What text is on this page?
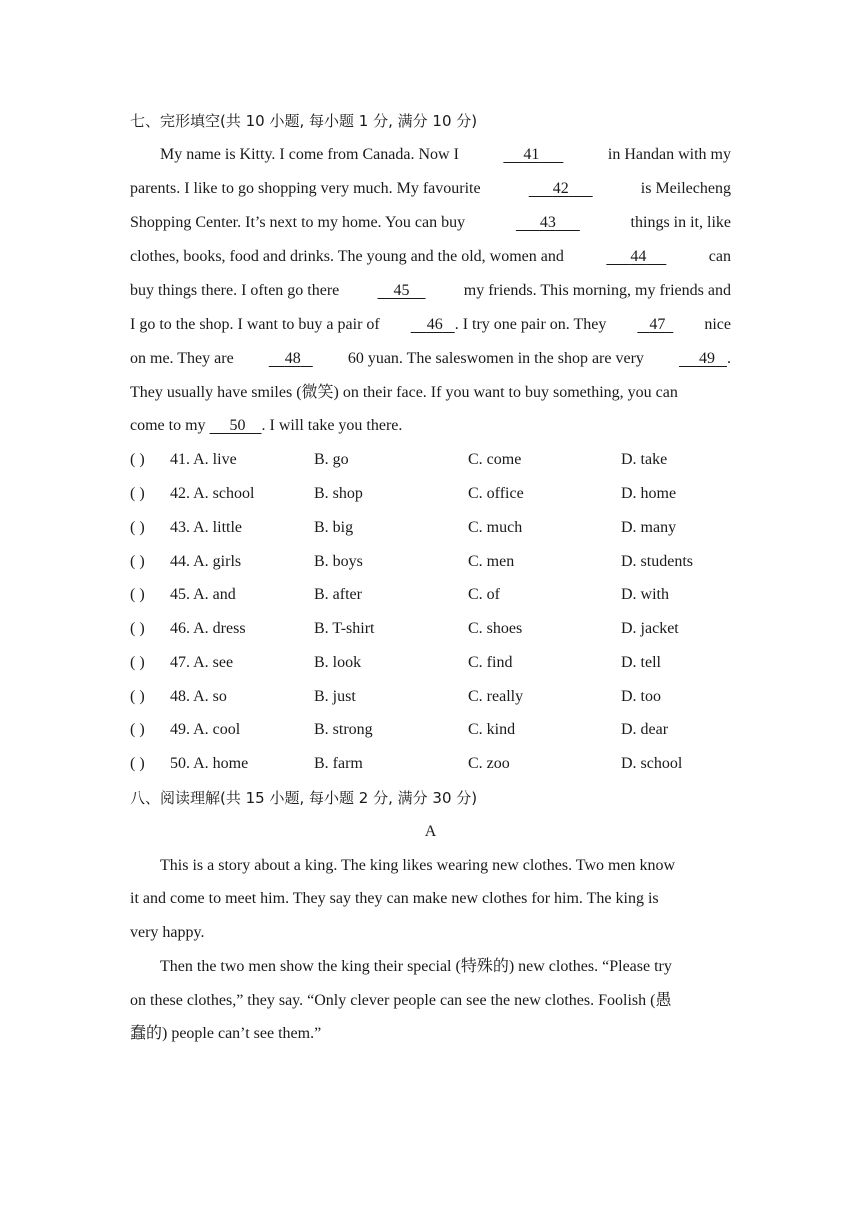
七、完形填空(共 10 小题, 每小题 1 分, 满分 10 分)
My name is Kitty. I come from Canada. Now I	41	in Handan with my
parents. I like to go shopping very much. My favourite	42	is Meilecheng
Shopping Center. It’s next to my home. You can buy	43	things in it, like
clothes, books, food and drinks. The young and the old, women and	44	can
buy things there. I often go there	45	my friends. This morning, my friends and
I go to the shop. I want to buy a pair of	46 . I try one pair on. They	47	nice
on me. They are	48	60 yuan. The saleswomen in the shop are very	49 .
They usually have smiles (微笑) on their face. If you want to buy something, you can
come to my 50 . I will take you there.
( ) 41. A. live	B. go	C. come	D. take
( ) 42. A. school	B. shop	C. office	D. home
( ) 43. A. little	B. big	C. much	D. many
( ) 44. A. girls	B. boys	C. men	D. students
( ) 45. A. and	B. after	C. of	D. with
( ) 46. A. dress	B. T-shirt	C. shoes	D. jacket
( ) 47. A. see	B. look	C. find	D. tell
( ) 48. A. so	B. just	C. really	D. too
( ) 49. A. cool	B. strong	C. kind	D. dear
( ) 50. A. home	B. farm	C. zoo	D. school
八、阅读理解(共 15 小题, 每小题 2 分, 满分 30 分)
A
This is a story about a king. The king likes wearing new clothes. Two men know
it and come to meet him. They say they can make new clothes for him. The king is
very happy.
Then the two men show the king their special (特殊的) new clothes. “Please try
on these clothes,” they say. “Only clever people can see the new clothes. Foolish (愚
蠢的) people can’t see them.”
